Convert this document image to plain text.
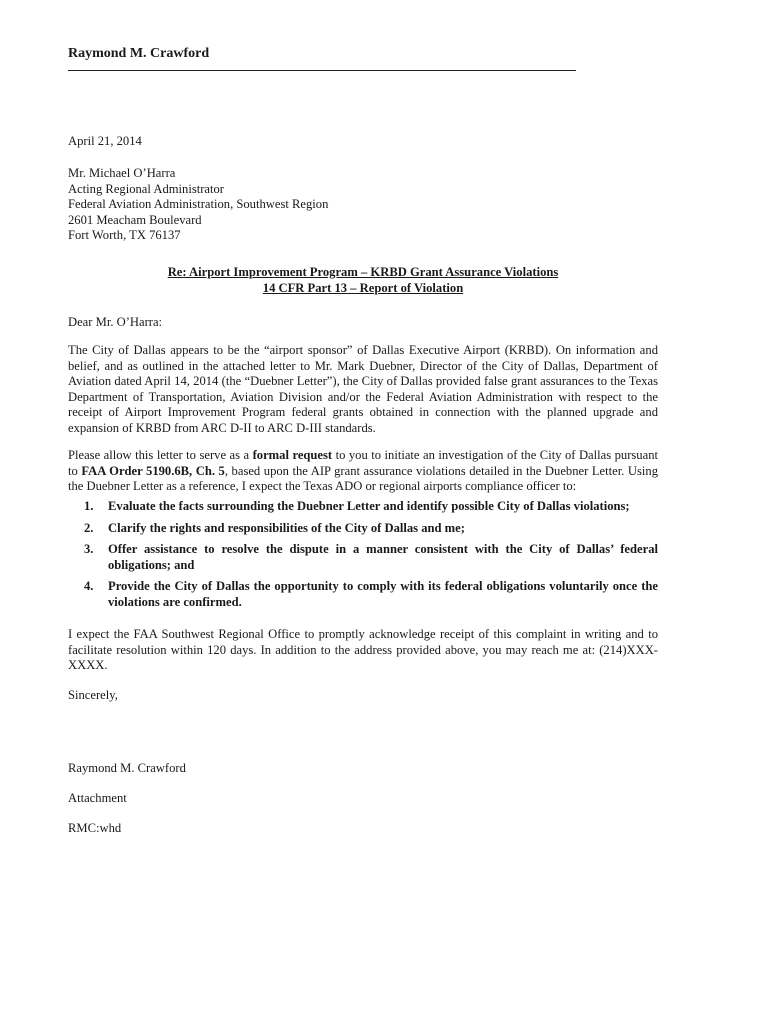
Raymond M. Crawford
April 21, 2014
Mr. Michael O’Harra
Acting Regional Administrator
Federal Aviation Administration, Southwest Region
2601 Meacham Boulevard
Fort Worth, TX 76137
Re: Airport Improvement Program – KRBD Grant Assurance Violations
14 CFR Part 13 – Report of Violation
Dear Mr. O’Harra:
The City of Dallas appears to be the “airport sponsor” of Dallas Executive Airport (KRBD). On information and belief, and as outlined in the attached letter to Mr. Mark Duebner, Director of the City of Dallas, Department of Aviation dated April 14, 2014 (the “Duebner Letter”), the City of Dallas provided false grant assurances to the Texas Department of Transportation, Aviation Division and/or the Federal Aviation Administration with respect to the receipt of Airport Improvement Program federal grants obtained in connection with the planned upgrade and expansion of KRBD from ARC D-II to ARC D-III standards.
Please allow this letter to serve as a formal request to you to initiate an investigation of the City of Dallas pursuant to FAA Order 5190.6B, Ch. 5, based upon the AIP grant assurance violations detailed in the Duebner Letter. Using the Duebner Letter as a reference, I expect the Texas ADO or regional airports compliance officer to:
1. Evaluate the facts surrounding the Duebner Letter and identify possible City of Dallas violations;
2. Clarify the rights and responsibilities of the City of Dallas and me;
3. Offer assistance to resolve the dispute in a manner consistent with the City of Dallas’ federal obligations; and
4. Provide the City of Dallas the opportunity to comply with its federal obligations voluntarily once the violations are confirmed.
I expect the FAA Southwest Regional Office to promptly acknowledge receipt of this complaint in writing and to facilitate resolution within 120 days. In addition to the address provided above, you may reach me at: (214)XXX-XXXX.
Sincerely,
Raymond M. Crawford
Attachment
RMC:whd
